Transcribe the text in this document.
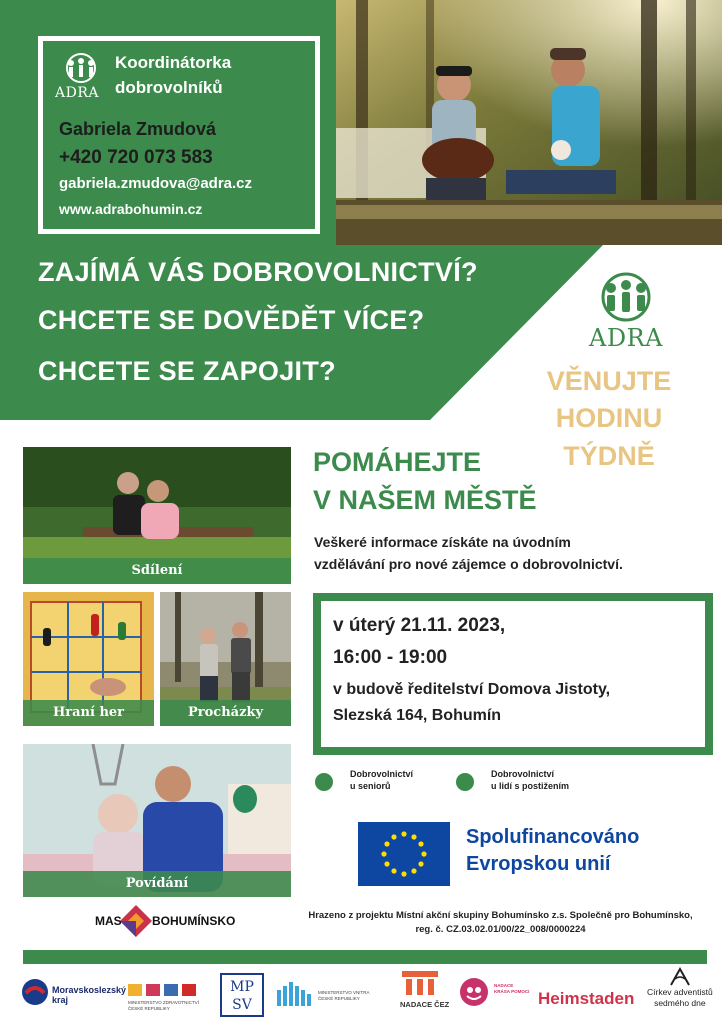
ADRA
Koordinátorka
dobrovolníků
Gabriela Zmudová
+420 720 073 583
gabriela.zmudova@adra.cz
www.adrabohumin.cz
ZAJÍMÁ VÁS DOBROVOLNICTVÍ?
CHCETE SE DOVĚDĚT VÍCE?
CHCETE SE ZAPOJIT?
ADRA
VĚNUJTE
HODINU
TÝDNĚ
Sdílení
Hraní her	Procházky
Povídání
POMÁHEJTE
V NAŠEM MĚSTĚ
Veškeré informace získáte na úvodním
vzdělávání pro nové zájemce o dobrovolnictví.
v úterý 21.11. 2023,
16:00 - 19:00
v budově ředitelství Domova Jistoty,
Slezská 164, Bohumín
Dobrovolnictví
u seniorů
Dobrovolnictví
u lidí s postižením
Spolufinancováno
Evropskou unií
MAS	BOHUMÍNSKO	Hrazeno z projektu Místní akční skupiny Bohumínsko z.s. Společně pro Bohumínsko,
reg. č. CZ.03.02.01/00/22_008/0000224
Moravskoslezský
kraj	MINISTERSTVO ZDRAVOTNICTVÍ
ČESKÉ REPUBLIKY
MP
SV
MINISTERSTVO VNITRA
ČESKÉ REPUBLIKY
NADACE ČEZ
NADACE
KRÁSA POMOCI Heimstaden Církev adventistů
sedmého dne
